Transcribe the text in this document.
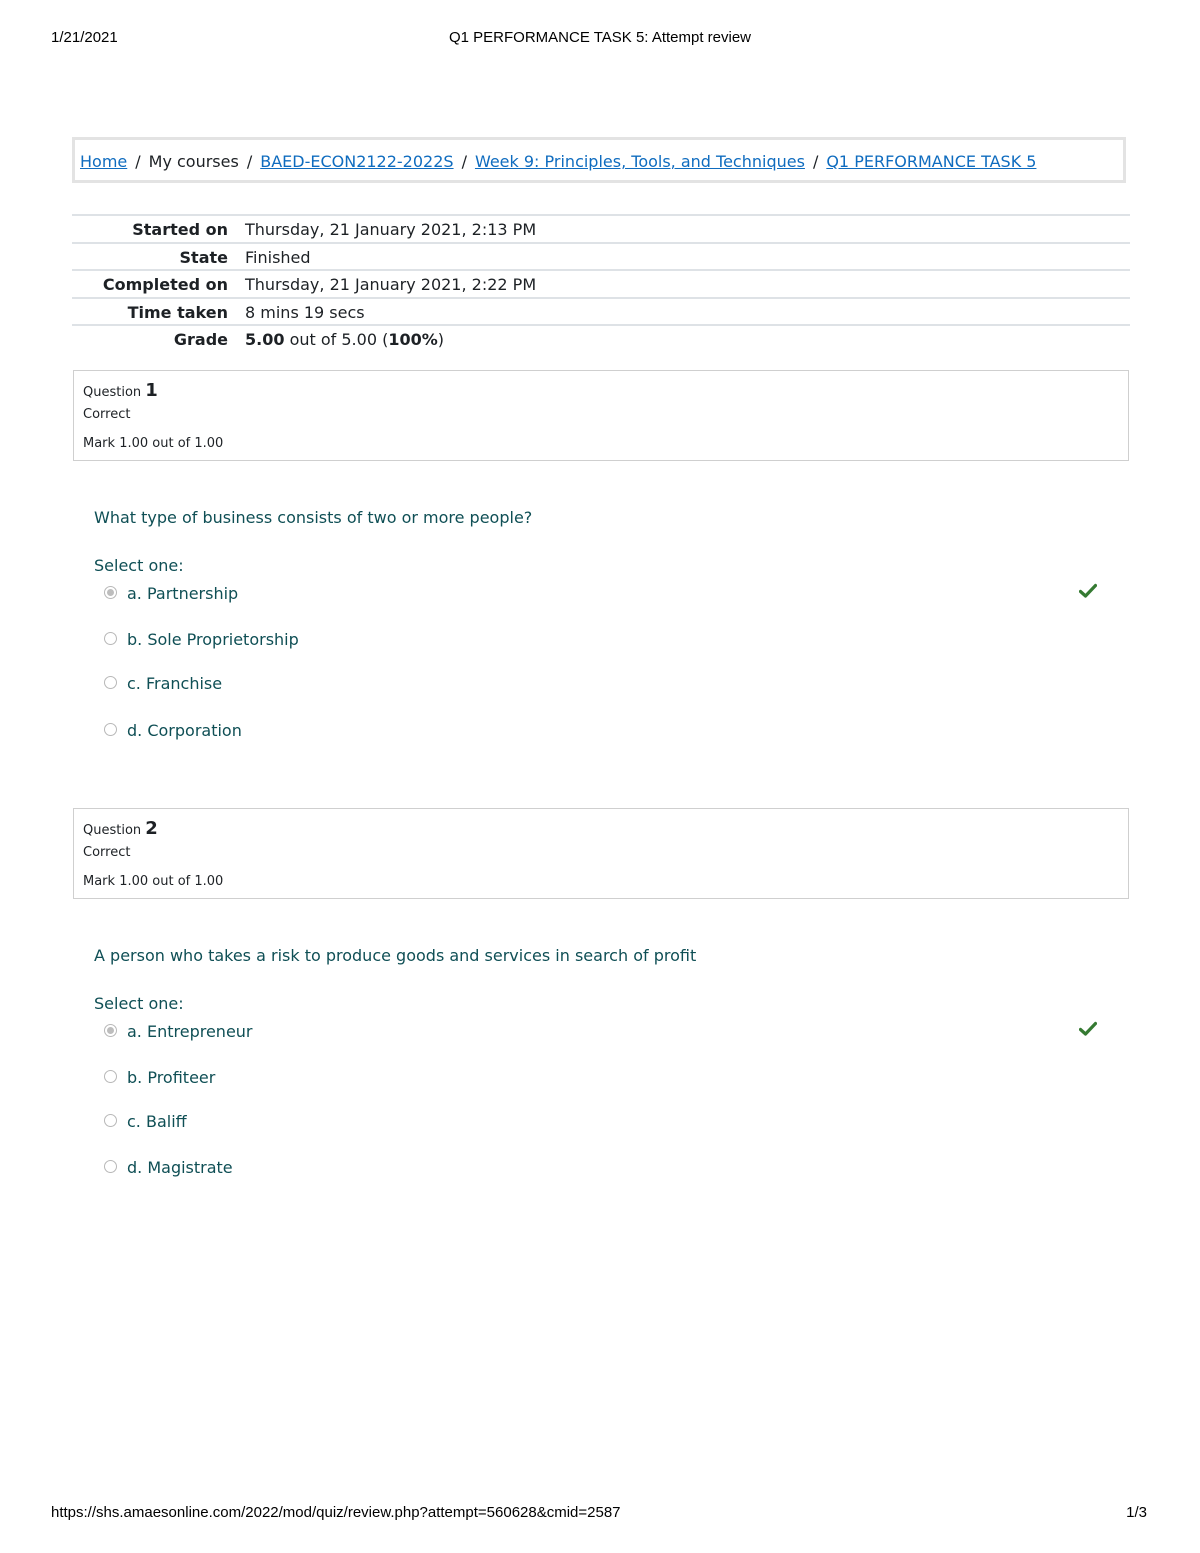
1/21/2021	Q1 PERFORMANCE TASK 5: Attempt review
Home / My courses / BAED-ECON2122-2022S / Week 9: Principles, Tools, and Techniques / Q1 PERFORMANCE TASK 5
Started on Thursday, 21 January 2021, 2:13 PM
State Finished
Completed on Thursday, 21 January 2021, 2:22 PM
Time taken 8 mins 19 secs
Grade 5.00 out of 5.00 (100%)
Question 1
Correct
Mark 1.00 out of 1.00
What type of business consists of two or more people?
Select one:
a. Partnership
b. Sole Proprietorship
c. Franchise
d. Corporation
Question 2
Correct
Mark 1.00 out of 1.00
A person who takes a risk to produce goods and services in search of profit
Select one:
a. Entrepreneur
b. Profiteer
c. Baliff
d. Magistrate
https://shs.amaesonline.com/2022/mod/quiz/review.php?attempt=560628&cmid=2587	1/3
